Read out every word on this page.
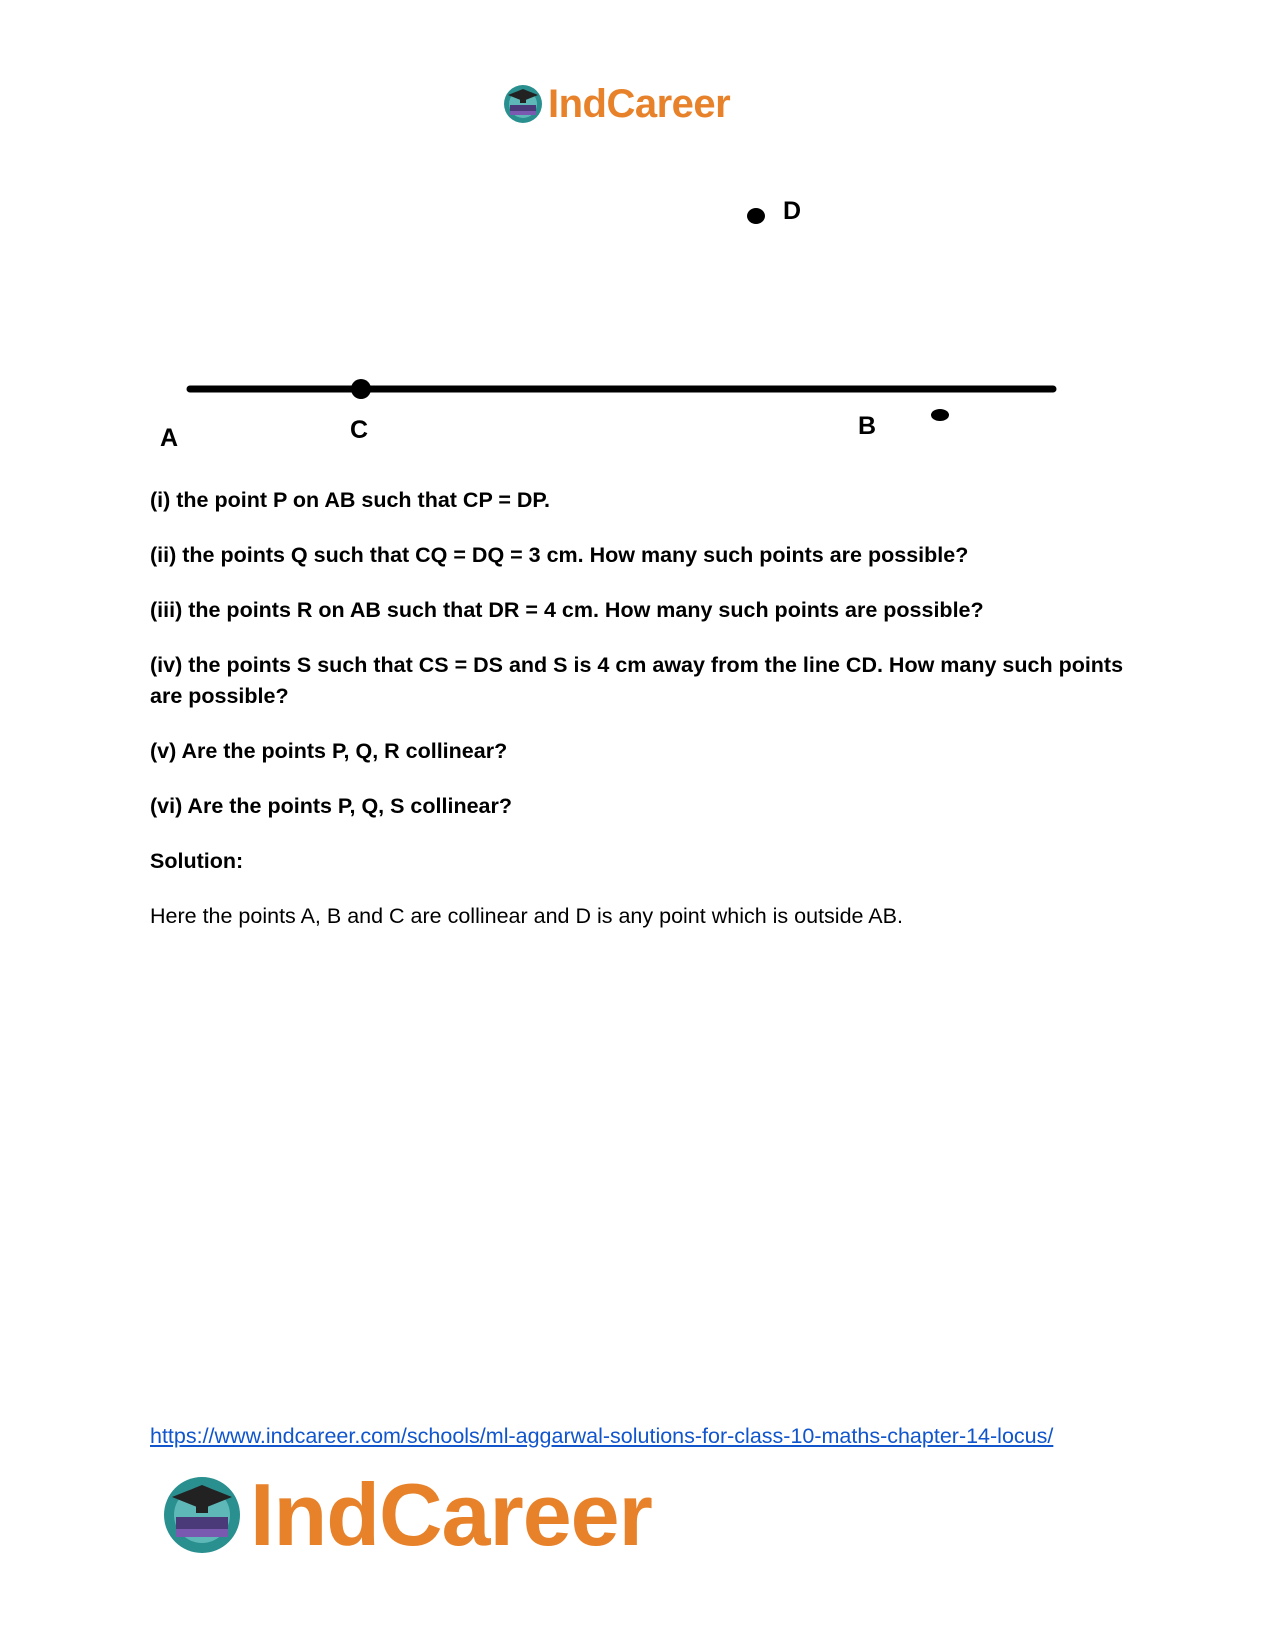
IndCareer
A	C	B
D

(i) the point P on AB such that CP = DP.

(ii) the points Q such that CQ = DQ = 3 cm. How many such points are possible?

(iii) the points R on AB such that DR = 4 cm. How many such points are possible?

(iv) the points S such that CS = DS and S is 4 cm away from the line CD. How many such points are possible?

(v) Are the points P, Q, R collinear?

(vi) Are the points P, Q, S collinear?

Solution:

Here the points A, B and C are collinear and D is any point which is outside AB.

https://www.indcareer.com/schools/ml-aggarwal-solutions-for-class-10-maths-chapter-14-locus/
IndCareer
